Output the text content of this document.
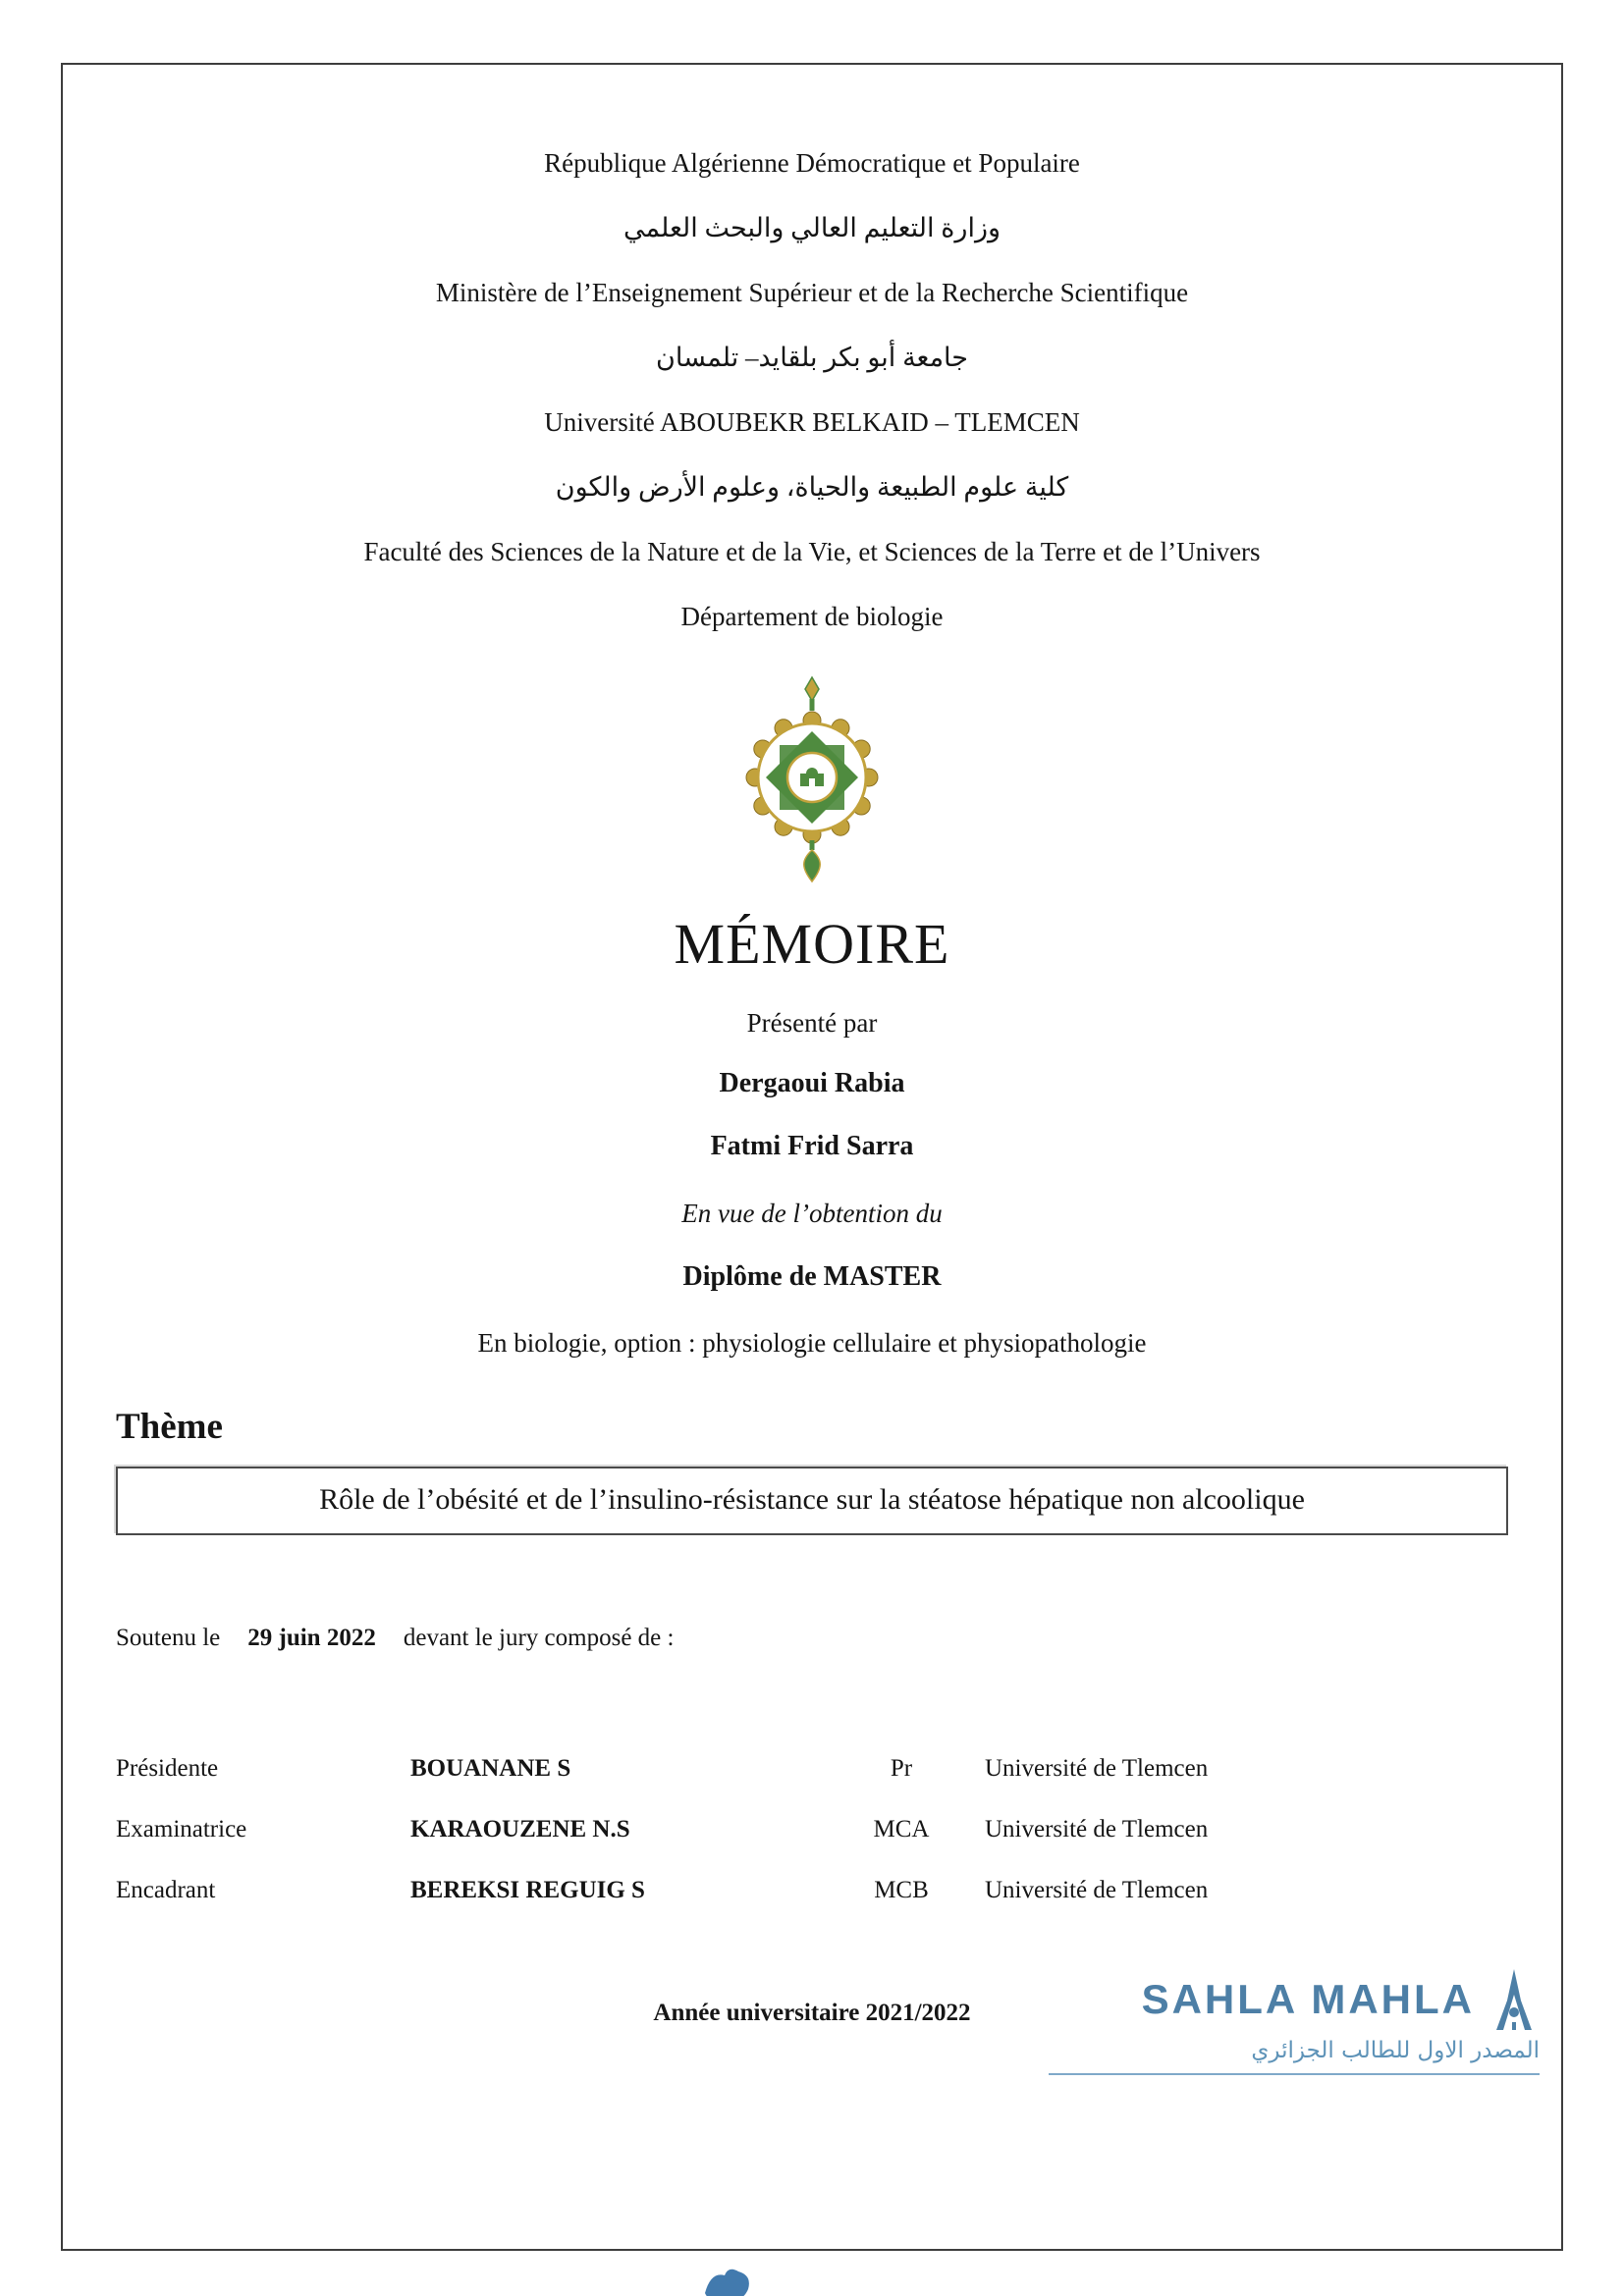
République Algérienne Démocratique et Populaire
وزارة التعليم العالي والبحث العلمي
Ministère de l’Enseignement Supérieur et de la Recherche Scientifique
جامعة أبو بكر بلقايد– تلمسان
Université ABOUBEKR BELKAID – TLEMCEN
كلية علوم الطبيعة والحياة، وعلوم الأرض والكون
Faculté des Sciences de la Nature et de la Vie, et Sciences de la Terre et de l’Univers
Département de biologie
MÉMOIRE
Présenté par
Dergaoui Rabia
Fatmi Frid Sarra
En vue de l’obtention du
Diplôme de MASTER
En biologie, option : physiologie cellulaire et physiopathologie
Thème
Rôle de l’obésité et de l’insulino-résistance sur la stéatose hépatique non alcoolique
Soutenu le 29 juin 2022 devant le jury composé de :
Présidente	BOUANANE S	Pr	Université de Tlemcen
Examinatrice	KARAOUZENE N.S	MCA	Université de Tlemcen
Encadrant	BEREKSI REGUIG S	MCB	Université de Tlemcen
Année universitaire 2021/2022	SAHLA MAHLA
المصدر الاول للطالب الجزائري
